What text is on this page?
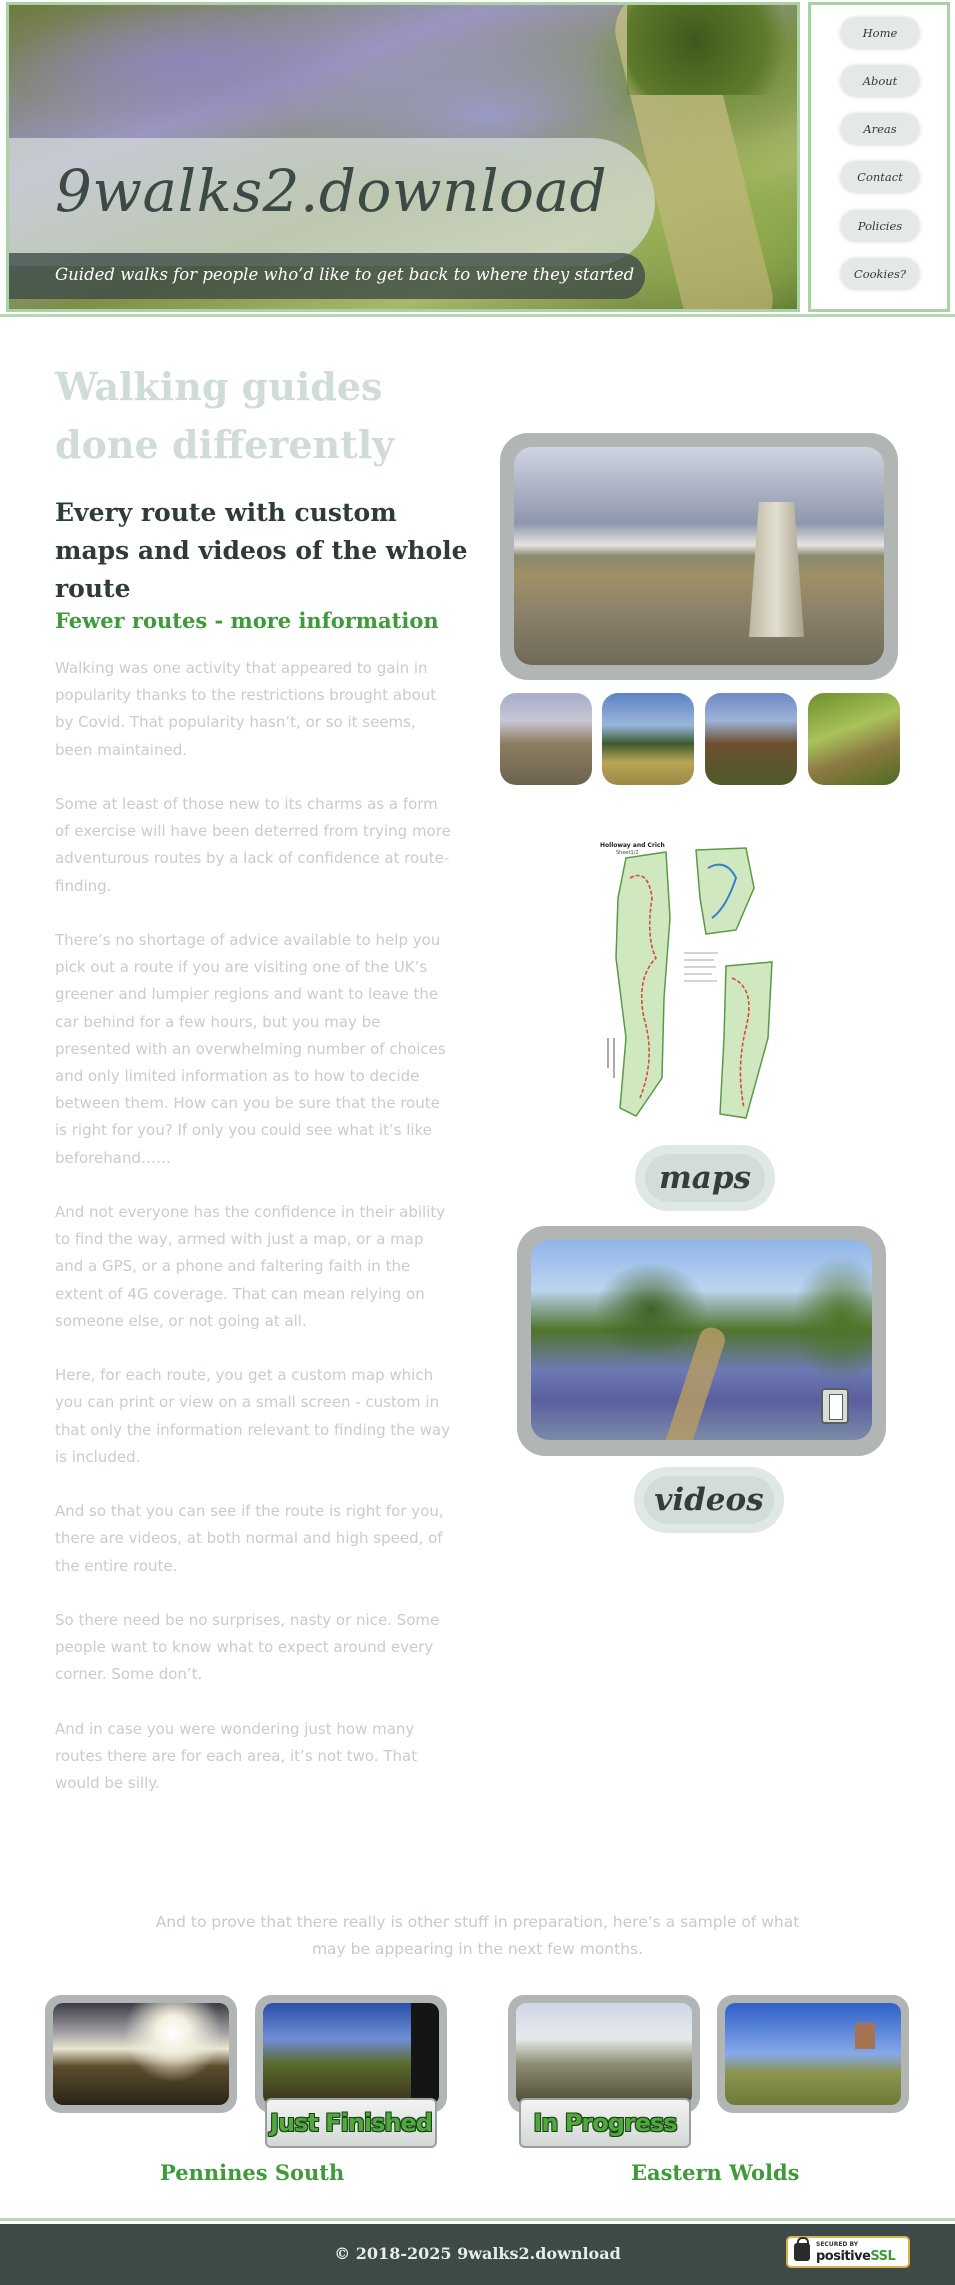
9walks2.download
Guided walks for people who’d like to get back to where they started
Home
About
Areas
Contact
Policies
Cookies?
Walking guides done differently
Every route with custom maps and videos of the whole route
Fewer routes - more information

Walking was one activity that appeared to gain in popularity thanks to the restrictions brought about by Covid. That popularity hasn’t, or so it seems, been maintained.

Some at least of those new to its charms as a form of exercise will have been deterred from trying more adventurous routes by a lack of confidence at route-finding.

There’s no shortage of advice available to help you pick out a route if you are visiting one of the UK’s greener and lumpier regions and want to leave the car behind for a few hours, but you may be presented with an overwhelming number of choices and only limited information as to how to decide between them. How can you be sure that the route is right for you? If only you could see what it’s like beforehand……

And not everyone has the confidence in their ability to find the way, armed with just a map, or a map and a GPS, or a phone and faltering faith in the extent of 4G coverage. That can mean relying on someone else, or not going at all.

Here, for each route, you get a custom map which you can print or view on a small screen - custom in that only the information relevant to finding the way is included.

And so that you can see if the route is right for you, there are videos, at both normal and high speed, of the entire route.

So there need be no surprises, nasty or nice. Some people want to know what to expect around every corner. Some don’t.

And in case you were wondering just how many routes there are for each area, it’s not two. That would be silly.

Holloway and Crich
Sheet1/2
maps
videos
And to prove that there really is other stuff in preparation, here’s a sample of what may be appearing in the next few months.
Just Finished	In Progress
Pennines South	Eastern Wolds
© 2018-2025 9walks2.download	SECURED BY
positiveSSL
